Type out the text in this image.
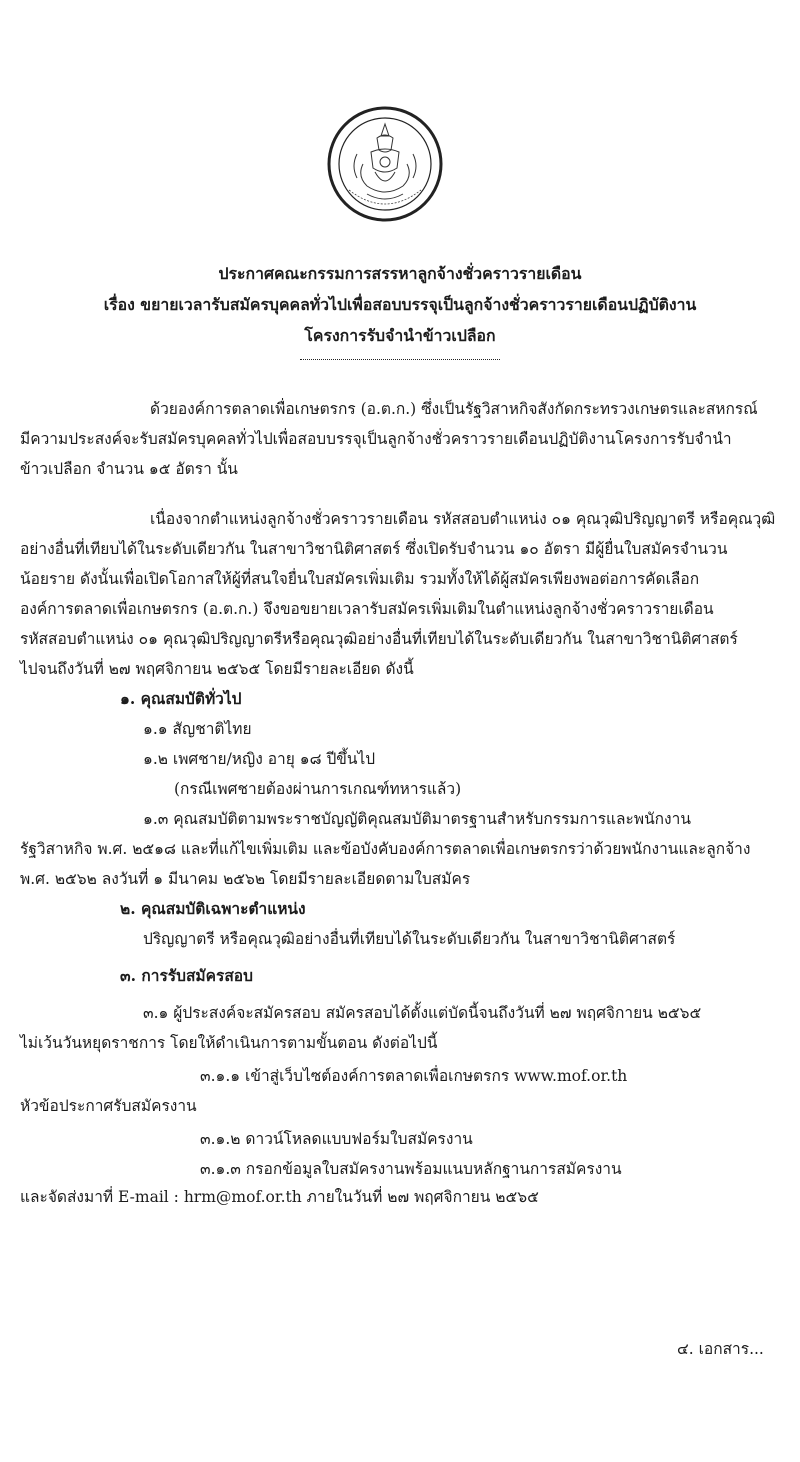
ประกาศคณะกรรมการสรรหาลูกจ้างชั่วคราวรายเดือน
เรื่อง ขยายเวลารับสมัครบุคคลทั่วไปเพื่อสอบบรรจุเป็นลูกจ้างชั่วคราวรายเดือนปฏิบัติงาน
โครงการรับจำนำข้าวเปลือก
ด้วยองค์การตลาดเพื่อเกษตรกร (อ.ต.ก.) ซึ่งเป็นรัฐวิสาหกิจสังกัดกระทรวงเกษตรและสหกรณ์
มีความประสงค์จะรับสมัครบุคคลทั่วไปเพื่อสอบบรรจุเป็นลูกจ้างชั่วคราวรายเดือนปฏิบัติงานโครงการรับจำนำ
ข้าวเปลือก จำนวน ๑๕ อัตรา นั้น
เนื่องจากตำแหน่งลูกจ้างชั่วคราวรายเดือน รหัสสอบตำแหน่ง ๐๑ คุณวุฒิปริญญาตรี หรือคุณวุฒิ
อย่างอื่นที่เทียบได้ในระดับเดียวกัน ในสาขาวิชานิติศาสตร์ ซึ่งเปิดรับจำนวน ๑๐ อัตรา มีผู้ยื่นใบสมัครจำนวน
น้อยราย ดังนั้นเพื่อเปิดโอกาสให้ผู้ที่สนใจยื่นใบสมัครเพิ่มเติม รวมทั้งให้ได้ผู้สมัครเพียงพอต่อการคัดเลือก
องค์การตลาดเพื่อเกษตรกร (อ.ต.ก.) จึงขอขยายเวลารับสมัครเพิ่มเติมในตำแหน่งลูกจ้างชั่วคราวรายเดือน
รหัสสอบตำแหน่ง ๐๑ คุณวุฒิปริญญาตรีหรือคุณวุฒิอย่างอื่นที่เทียบได้ในระดับเดียวกัน ในสาขาวิชานิติศาสตร์
ไปจนถึงวันที่ ๒๗ พฤศจิกายน ๒๕๖๕ โดยมีรายละเอียด ดังนี้
๑. คุณสมบัติทั่วไป
๑.๑ สัญชาติไทย
๑.๒ เพศชาย/หญิง อายุ ๑๘ ปีขึ้นไป
(กรณีเพศชายต้องผ่านการเกณฑ์ทหารแล้ว)
๑.๓ คุณสมบัติตามพระราชบัญญัติคุณสมบัติมาตรฐานสำหรับกรรมการและพนักงาน
รัฐวิสาหกิจ พ.ศ. ๒๕๑๘ และที่แก้ไขเพิ่มเติม และข้อบังคับองค์การตลาดเพื่อเกษตรกรว่าด้วยพนักงานและลูกจ้าง
พ.ศ. ๒๕๖๒ ลงวันที่ ๑ มีนาคม ๒๕๖๒ โดยมีรายละเอียดตามใบสมัคร
๒. คุณสมบัติเฉพาะตำแหน่ง
ปริญญาตรี หรือคุณวุฒิอย่างอื่นที่เทียบได้ในระดับเดียวกัน ในสาขาวิชานิติศาสตร์
๓. การรับสมัครสอบ
๓.๑ ผู้ประสงค์จะสมัครสอบ สมัครสอบได้ตั้งแต่บัดนี้จนถึงวันที่ ๒๗ พฤศจิกายน ๒๕๖๕
ไม่เว้นวันหยุดราชการ โดยให้ดำเนินการตามขั้นตอน ดังต่อไปนี้
๓.๑.๑ เข้าสู่เว็บไซต์องค์การตลาดเพื่อเกษตรกร www.mof.or.th
หัวข้อประกาศรับสมัครงาน
๓.๑.๒ ดาวน์โหลดแบบฟอร์มใบสมัครงาน
๓.๑.๓ กรอกข้อมูลใบสมัครงานพร้อมแนบหลักฐานการสมัครงาน
และจัดส่งมาที่ E-mail : hrm@mof.or.th ภายในวันที่ ๒๗ พฤศจิกายน ๒๕๖๕
๔. เอกสาร...
